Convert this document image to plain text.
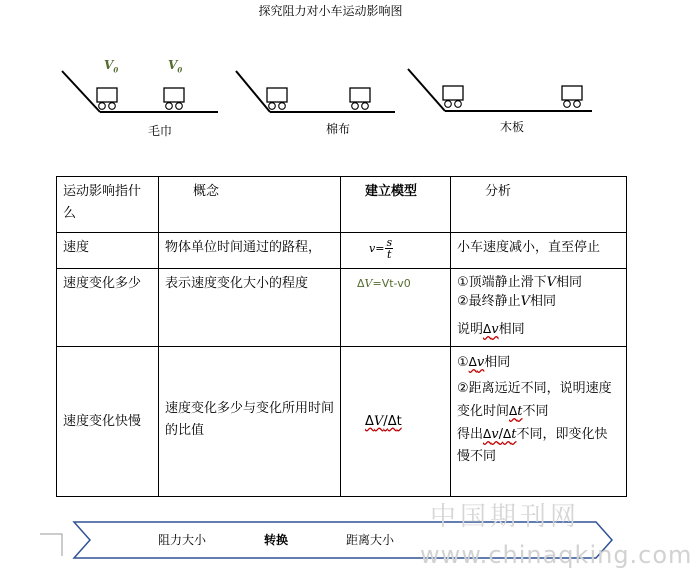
探究阻力对小车运动影响图
$V_0$	$V_0$
毛巾	棉布	木板
运动影响指什么	概念	建立模型	分析
速度	物体单位时间通过的路程，	$v= \frac{s}{t}$	小车速度减小，直至停止
速度变化多少	表示速度变化大小的程度	ΔV=Vt-v0	①顶端静止滑下V相同
②最终静止V相同
说明Δv相同

速度变化快慢	速度变化多少与变化所用时间的比值	ΔV/Δt	①Δv相同
②距离远近不同，说明速度变化时间Δt不同
得出Δv/Δt不同，即变化快慢不同
阻力大小	转换	距离大小
中国期刊网
www.chinaqking.com
